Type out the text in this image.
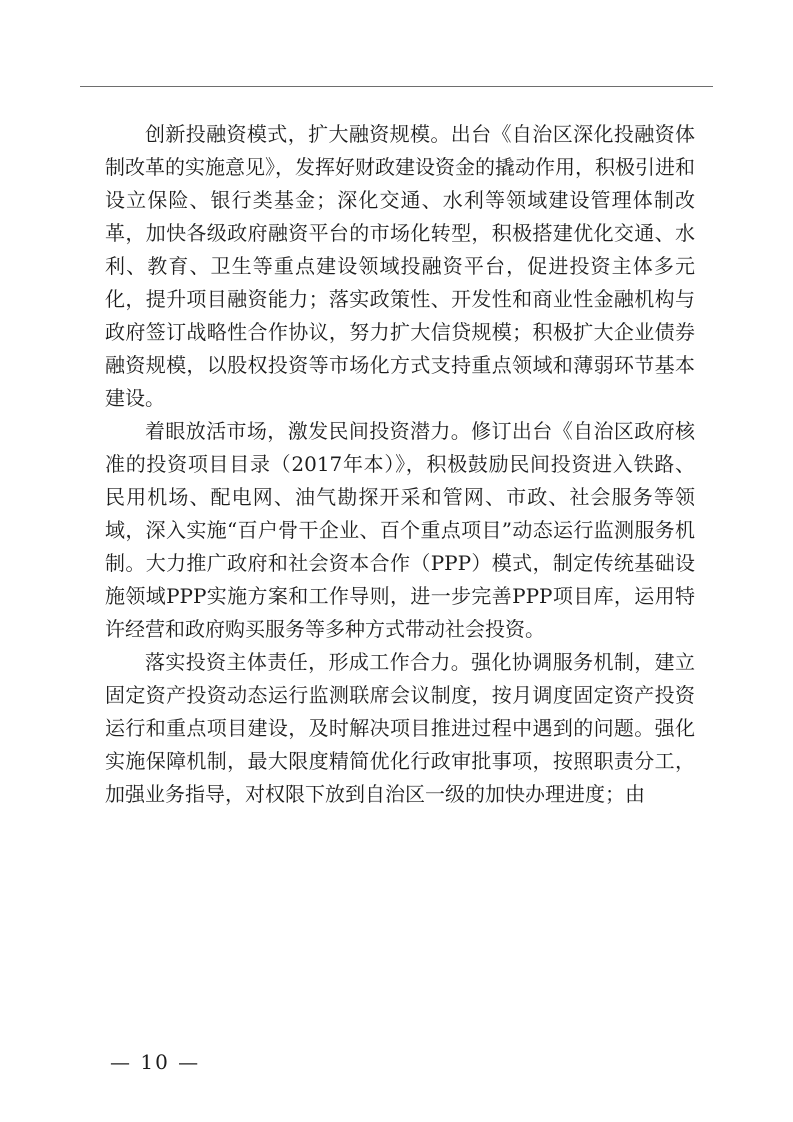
创新投融资模式，扩大融资规模。出台《自治区深化投融资体制改革的实施意见》，发挥好财政建设资金的撬动作用，积极引进和设立保险、银行类基金；深化交通、水利等领域建设管理体制改革，加快各级政府融资平台的市场化转型，积极搭建优化交通、水利、教育、卫生等重点建设领域投融资平台，促进投资主体多元化，提升项目融资能力；落实政策性、开发性和商业性金融机构与政府签订战略性合作协议，努力扩大信贷规模；积极扩大企业债券融资规模，以股权投资等市场化方式支持重点领域和薄弱环节基本建设。

着眼放活市场，激发民间投资潜力。修订出台《自治区政府核准的投资项目目录（2017年本）》，积极鼓励民间投资进入铁路、民用机场、配电网、油气勘探开采和管网、市政、社会服务等领域，深入实施“百户骨干企业、百个重点项目”动态运行监测服务机制。大力推广政府和社会资本合作（PPP）模式，制定传统基础设施领域PPP实施方案和工作导则，进一步完善PPP项目库，运用特许经营和政府购买服务等多种方式带动社会投资。

落实投资主体责任，形成工作合力。强化协调服务机制，建立固定资产投资动态运行监测联席会议制度，按月调度固定资产投资运行和重点项目建设，及时解决项目推进过程中遇到的问题。强化实施保障机制，最大限度精简优化行政审批事项，按照职责分工，加强业务指导，对权限下放到自治区一级的加快办理进度；由

— 10 —
